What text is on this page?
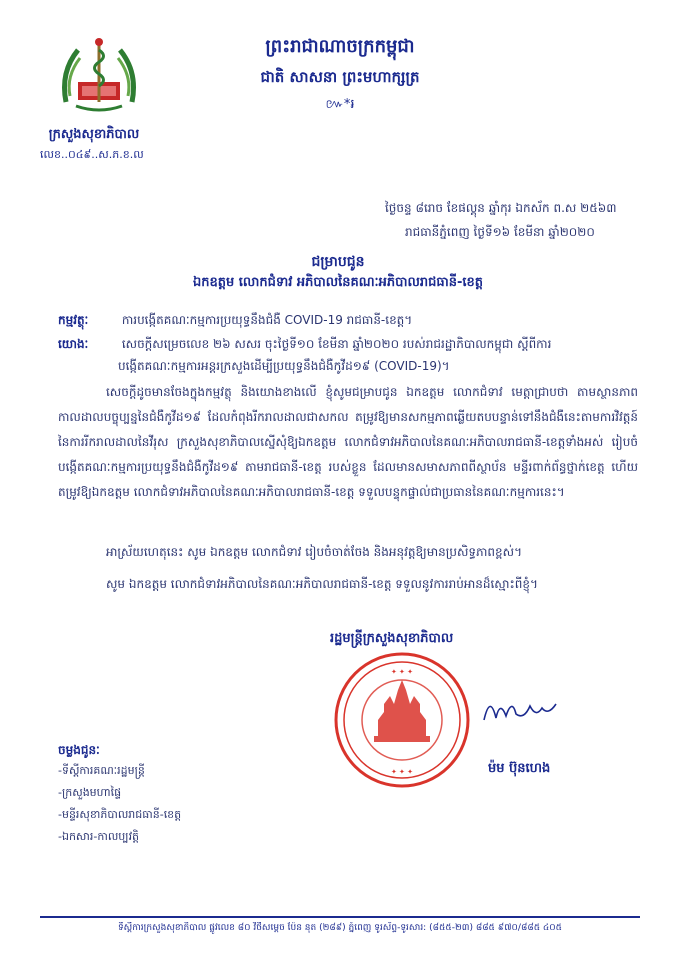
ក្រសួងសុខាភិបាល
លេខ..០៤៩..ស.ភ.ខ.ល
ព្រះរាជាណាចក្រកម្ពុជា
ជាតិ សាសនា ព្រះមហាក្សត្រ
៚*៛
ថ្ងៃចន្ទ ៨រោច ខែផល្គុន ឆ្នាំកុរ ឯកស័ក ព.ស ២៥៦៣
រាជធានីភ្នំពេញ ថ្ងៃទី១៦ ខែមីនា ឆ្នាំ២០២០
ជម្រាបជូន
ឯកឧត្តម លោកជំទាវ អភិបាលនៃគណៈអភិបាលរាជធានី-ខេត្ត
កម្មវត្ថុៈ	ការបង្កើតគណៈកម្មការប្រយុទ្ធនឹងជំងឺ COVID-19 រាជធានី-ខេត្ត។
យោងៈ	សេចក្តីសម្រេចលេខ ២៦ សសរ ចុះថ្ងៃទី១០ ខែមីនា ឆ្នាំ២០២០ របស់រាជរដ្ឋាភិបាលកម្ពុជា ស្តីពីការ
បង្កើតគណៈកម្មការអន្តរក្រសួងដើម្បីប្រយុទ្ធនឹងជំងឺកូវីដ១៩ (COVID-19)។

សេចក្តីដូចមានចែងក្នុងកម្មវត្ថុ និងយោងខាងលើ ខ្ញុំសូមជម្រាបជូន ឯកឧត្តម លោកជំទាវ មេត្តាជ្រាបថា តាមស្ថានភាពកាលដាលបច្ចុប្បន្ននៃជំងឺកូវីដ១៩ ដែលកំពុងរីករាលដាលជាសកល តម្រូវឱ្យមានសកម្មភាពឆ្លើយតបបន្ទាន់ទៅនឹងជំងឺនេះតាមការវិវត្តន៍នៃការរីករាលដាលនៃវីរុស ក្រសួងសុខាភិបាលស្នើសុំឱ្យឯកឧត្តម លោកជំទាវអភិបាលនៃគណៈអភិបាលរាជធានី-ខេត្តទាំងអស់ រៀបចំបង្កើតគណៈកម្មការប្រយុទ្ធនឹងជំងឺកូវីដ១៩ តាមរាជធានី-ខេត្ត របស់ខ្លួន ដែលមានសមាសភាពពីស្ថាប័ន មន្ទីរពាក់ព័ន្ធថ្នាក់ខេត្ត ហើយតម្រូវឱ្យឯកឧត្តម លោកជំទាវអភិបាលនៃគណៈអភិបាលរាជធានី-ខេត្ត ទទួលបន្ទុកផ្ទាល់ជាប្រធាននៃគណៈកម្មការនេះ។

អាស្រ័យហេតុនេះ សូម ឯកឧត្តម លោកជំទាវ រៀបចំចាត់ចែង និងអនុវត្តឱ្យមានប្រសិទ្ធភាពខ្ពស់។

សូម ឯកឧត្តម លោកជំទាវអភិបាលនៃគណៈអភិបាលរាជធានី-ខេត្ត ទទួលនូវការរាប់អានដ៏ស្មោះពីខ្ញុំ។

រដ្ឋមន្ត្រីក្រសួងសុខាភិបាល
✦ ✦ ✦
✦ ✦ ✦	ម៉ម ប៊ុនហេង
ចម្លងជូនៈ
-ទីស្តីការគណៈរដ្ឋមន្ត្រី
-ក្រសួងមហាផ្ទៃ
-មន្ទីរសុខាភិបាលរាជធានី-ខេត្ត
-ឯកសារ-កាលប្បវត្តិ
ទីស្តីការក្រសួងសុខាភិបាល ផ្លូវលេខ ៨០ វិថីសម្តេច ប៉ែន នុត (២៨៩) ភ្នំពេញ ទូរស័ព្ទ-ទូរសារ: (៨៥៥-២៣) ៨៨៥ ៩៧០/៨៨៥ ៤០៥
